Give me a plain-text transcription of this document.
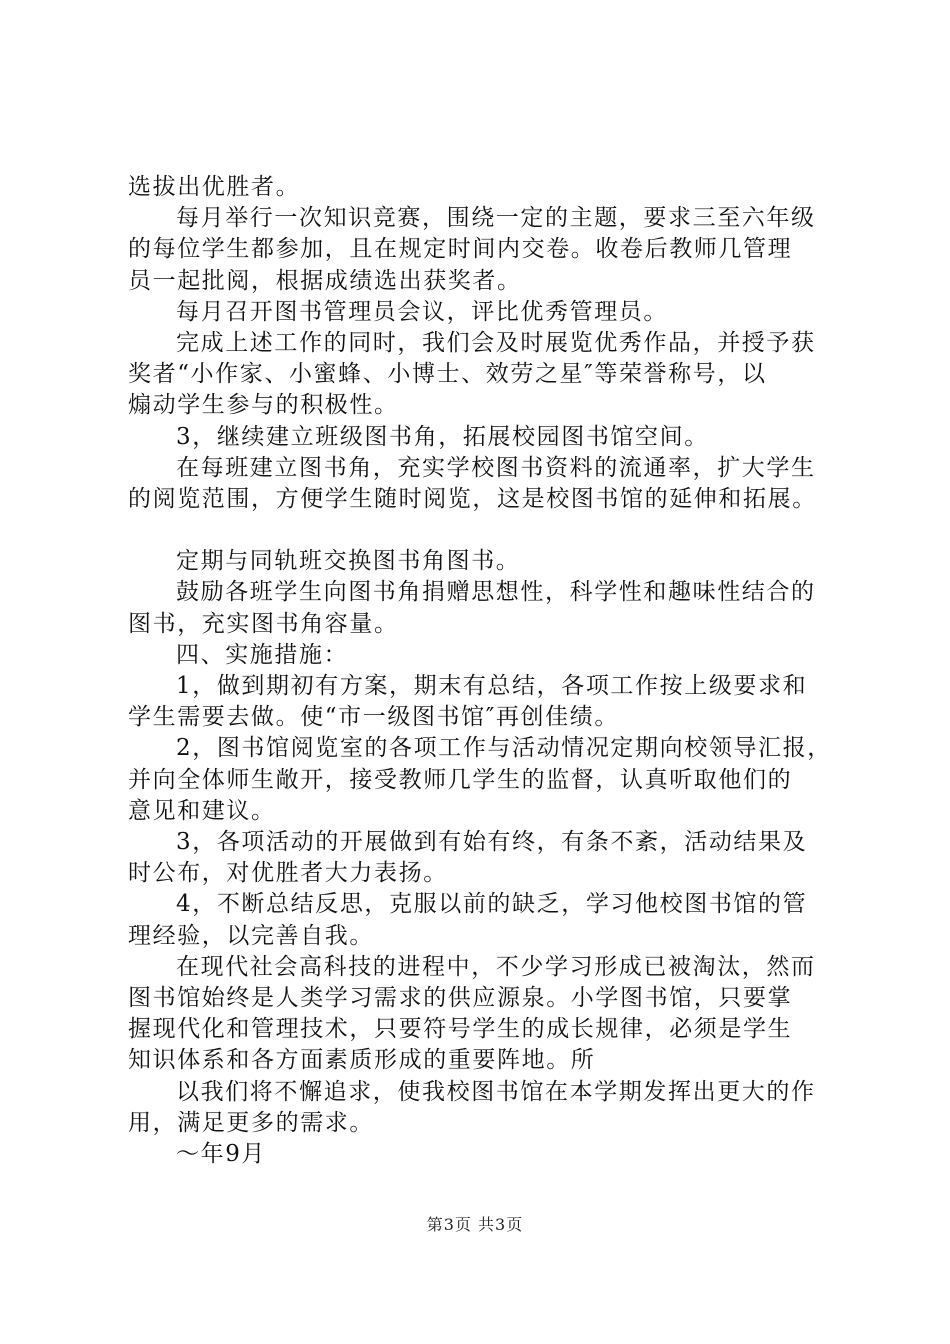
选拔出优胜者。

每月举行一次知识竞赛，围绕一定的主题，要求三至六年级
的每位学生都参加，且在规定时间内交卷。收卷后教师几管理
员一起批阅，根据成绩选出获奖者。

每月召开图书管理员会议，评比优秀管理员。

完成上述工作的同时，我们会及时展览优秀作品，并授予获
奖者“小作家、小蜜蜂、小博士、效劳之星″等荣誉称号，以
煽动学生参与的积极性。

3，继续建立班级图书角，拓展校园图书馆空间。

在每班建立图书角，充实学校图书资料的流通率，扩大学生
的阅览范围，方便学生随时阅览，这是校图书馆的延伸和拓展。

定期与同轨班交换图书角图书。

鼓励各班学生向图书角捐赠思想性，科学性和趣味性结合的
图书，充实图书角容量。

四、实施措施：

1，做到期初有方案，期末有总结，各项工作按上级要求和
学生需要去做。使“市一级图书馆″再创佳绩。

2，图书馆阅览室的各项工作与活动情况定期向校领导汇报，
并向全体师生敞开，接受教师几学生的监督，认真听取他们的
意见和建议。

3，各项活动的开展做到有始有终，有条不紊，活动结果及
时公布，对优胜者大力表扬。

4，不断总结反思，克服以前的缺乏，学习他校图书馆的管
理经验，以完善自我。

在现代社会高科技的进程中，不少学习形成已被淘汰，然而
图书馆始终是人类学习需求的供应源泉。小学图书馆，只要掌
握现代化和管理技术，只要符号学生的成长规律，必须是学生
知识体系和各方面素质形成的重要阵地。所

以我们将不懈追求，使我校图书馆在本学期发挥出更大的作
用，满足更多的需求。

～年9月

第3页 共3页
